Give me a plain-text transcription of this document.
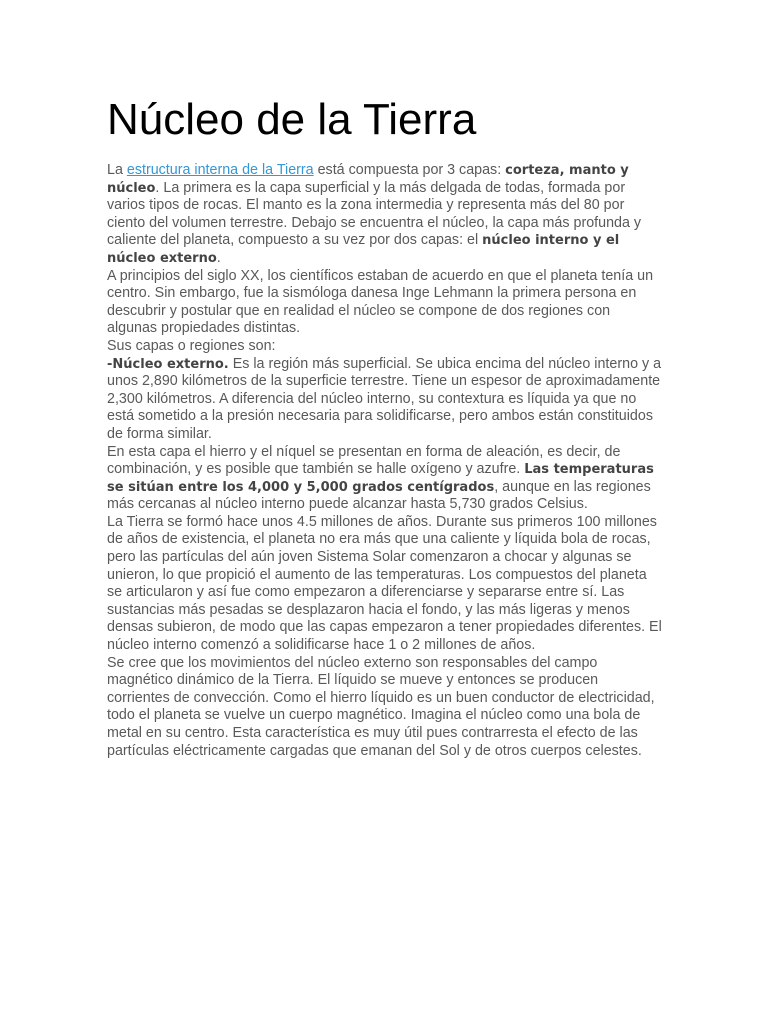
Núcleo de la Tierra

La estructura interna de la Tierra está compuesta por 3 capas: corteza, manto y núcleo. La primera es la capa superficial y la más delgada de todas, formada por varios tipos de rocas. El manto es la zona intermedia y representa más del 80 por ciento del volumen terrestre. Debajo se encuentra el núcleo, la capa más profunda y caliente del planeta, compuesto a su vez por dos capas: el núcleo interno y el núcleo externo.

A principios del siglo XX, los científicos estaban de acuerdo en que el planeta tenía un centro. Sin embargo, fue la sismóloga danesa Inge Lehmann la primera persona en descubrir y postular que en realidad el núcleo se compone de dos regiones con algunas propiedades distintas.

Sus capas o regiones son:

-Núcleo externo. Es la región más superficial. Se ubica encima del núcleo interno y a unos 2,890 kilómetros de la superficie terrestre. Tiene un espesor de aproximadamente 2,300 kilómetros. A diferencia del núcleo interno, su contextura es líquida ya que no está sometido a la presión necesaria para solidificarse, pero ambos están constituidos de forma similar.

En esta capa el hierro y el níquel se presentan en forma de aleación, es decir, de combinación, y es posible que también se halle oxígeno y azufre. Las temperaturas se sitúan entre los 4,000 y 5,000 grados centígrados, aunque en las regiones más cercanas al núcleo interno puede alcanzar hasta 5,730 grados Celsius.

La Tierra se formó hace unos 4.5 millones de años. Durante sus primeros 100 millones de años de existencia, el planeta no era más que una caliente y líquida bola de rocas, pero las partículas del aún joven Sistema Solar comenzaron a chocar y algunas se unieron, lo que propició el aumento de las temperaturas. Los compuestos del planeta se articularon y así fue como empezaron a diferenciarse y separarse entre sí. Las sustancias más pesadas se desplazaron hacia el fondo, y las más ligeras y menos densas subieron, de modo que las capas empezaron a tener propiedades diferentes. El núcleo interno comenzó a solidificarse hace 1 o 2 millones de años.

Se cree que los movimientos del núcleo externo son responsables del campo magnético dinámico de la Tierra. El líquido se mueve y entonces se producen corrientes de convección. Como el hierro líquido es un buen conductor de electricidad, todo el planeta se vuelve un cuerpo magnético. Imagina el núcleo como una bola de metal en su centro. Esta característica es muy útil pues contrarresta el efecto de las partículas eléctricamente cargadas que emanan del Sol y de otros cuerpos celestes.
